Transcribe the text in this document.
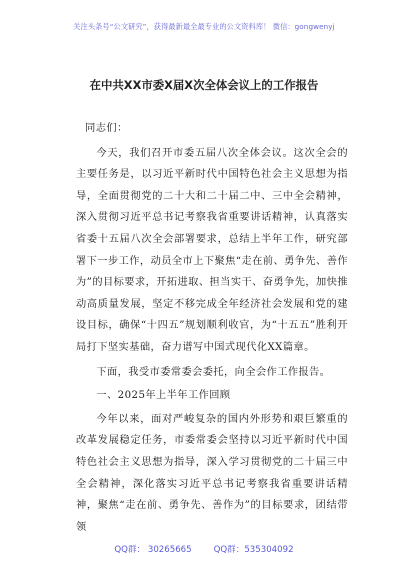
关注头条号“公文研究”，获得最新最全最专业的公文资料库！ 微信：gongwenyj
在中共XX市委X届X次全体会议上的工作报告

同志们：

今天，我们召开市委五届八次全体会议。这次全会的主要任务是，以习近平新时代中国特色社会主义思想为指导，全面贯彻党的二十大和二十届二中、三中全会精神，深入贯彻习近平总书记考察我省重要讲话精神，认真落实省委十五届八次全会部署要求，总结上半年工作，研究部署下一步工作，动员全市上下聚焦“走在前、勇争先、善作为”的目标要求，开拓进取、担当实干、奋勇争先，加快推动高质量发展，坚定不移完成全年经济社会发展和党的建设目标，确保“十四五”规划顺利收官，为“十五五”胜利开局打下坚实基础，奋力谱写中国式现代化XX篇章。

下面，我受市委常委会委托，向全会作工作报告。

一、2025年上半年工作回顾

今年以来，面对严峻复杂的国内外形势和艰巨繁重的改革发展稳定任务，市委常委会坚持以习近平新时代中国特色社会主义思想为指导，深入学习贯彻党的二十届三中全会精神，深化落实习近平总书记考察我省重要讲话精神，聚焦“走在前、勇争先、善作为”的目标要求，团结带领

QQ群： 30265665	QQ群：535304092
